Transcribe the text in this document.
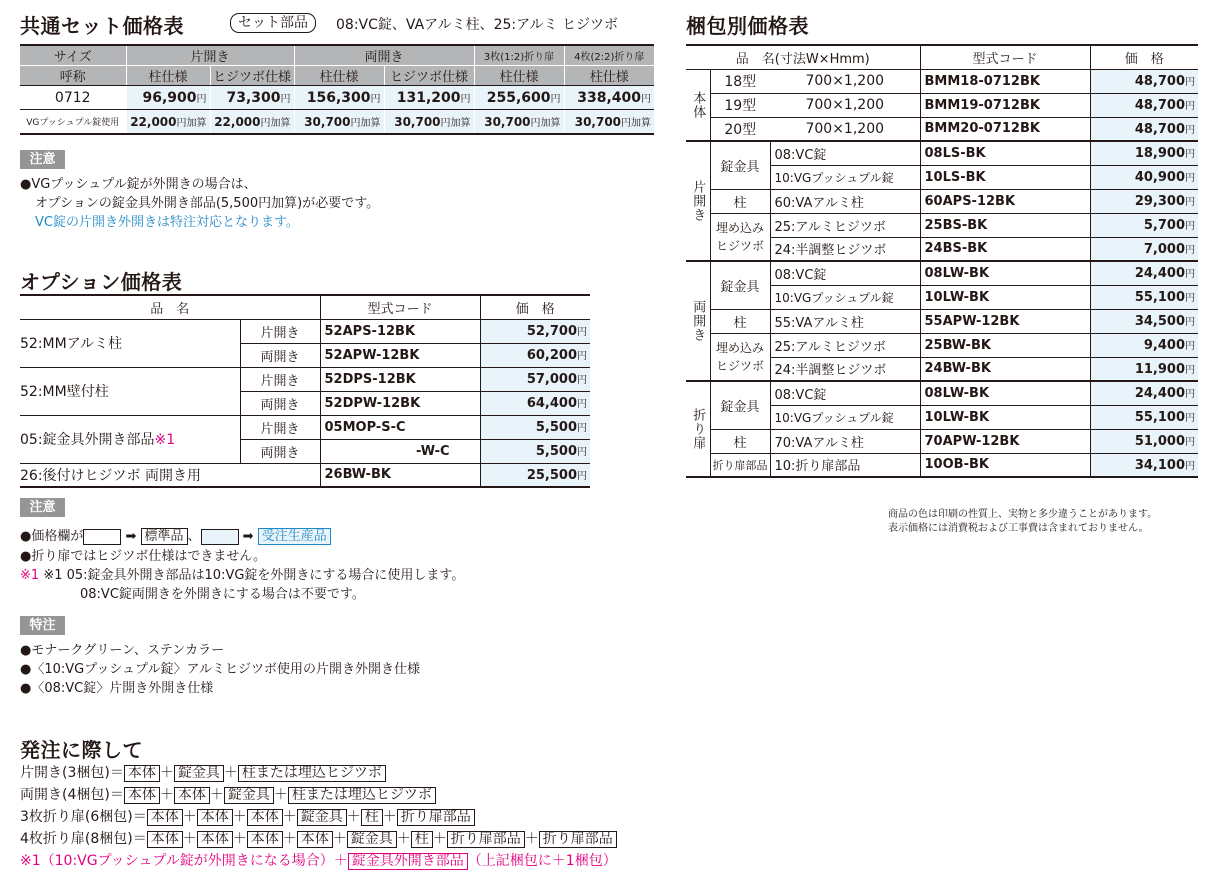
共通セット価格表	セット部品	08:VC錠、VAアルミ柱、25:アルミ ヒジツボ
サイズ	片開き		両開き		3枚(1:2)折り扉	4枚(2:2)折り扉
呼称	柱仕様	ヒジツボ仕様	柱仕様	ヒジツボ仕様	柱仕様	柱仕様
0712	96,900円	73,300円	156,300円	131,200円	255,600円	338,400円
VGプッシュプル錠使用	22,000円加算	22,000円加算	30,700円加算	30,700円加算	30,700円加算	30,700円加算
注意
●VGプッシュプル錠が外開きの場合は、
オプションの錠金具外開き部品(5,500円加算)が必要です。
VC錠の片開き外開きは特注対応となります。
オプション価格表
品　名		型式コード	価　格
52:MMアルミ柱	片開き	52APS-12BK	52,700円
	両開き	52APW-12BK	60,200円
52:MM壁付柱	片開き	52DPS-12BK	57,000円
	両開き	52DPW-12BK	64,400円
05:錠金具外開き部品※1	片開き	05MOP-S-C	5,500円
	両開き	-W-C	5,500円
26:後付けヒジツボ 両開き用		26BW-BK	25,500円
注意
●価格欄が	➡ 標準品 、	➡ 受注生産品
●折り扉ではヒジツボ仕様はできません。
※1 ※1 05:錠金具外開き部品は10:VG錠を外開きにする場合に使用します。
08:VC錠両開きを外開きにする場合は不要です。
特注
●モナークグリーン、ステンカラー
●〈10:VGプッシュプル錠〉アルミヒジツボ使用の片開き外開き仕様
●〈08:VC錠〉片開き外開き仕様
発注に際して
片開き(3梱包)＝ 本体 ＋ 錠金具 ＋ 柱または埋込ヒジツボ
両開き(4梱包)＝ 本体 ＋ 本体 ＋ 錠金具 ＋ 柱または埋込ヒジツボ
3枚折り扉(6梱包)＝ 本体 ＋ 本体 ＋ 本体 ＋ 錠金具 ＋ 柱 ＋ 折り扉部品
4枚折り扉(8梱包)＝ 本体 ＋ 本体 ＋ 本体 ＋ 本体 ＋ 錠金具 ＋ 柱 ＋ 折り扉部品 ＋ 折り扉部品
※1（10:VGプッシュプル錠が外開きになる場合）＋ 錠金具外開き部品 （上記梱包に＋1梱包）
梱包別価格表
品　名(寸法W×Hmm)			型式コード	価　格
本体	18型	700×1,200	BMM18-0712BK	48,700円
	19型	700×1,200	BMM19-0712BK	48,700円
	20型	700×1,200	BMM20-0712BK	48,700円
片開き	錠金具	08:VC錠	08LS-BK	18,900円
		10:VGプッシュプル錠	10LS-BK	40,900円
	柱	60:VAアルミ柱	60APS-12BK	29,300円

	埋め込み
ヒジツボ	25:アルミヒジツボ	25BS-BK	5,700円
		24:半調整ヒジツボ	24BS-BK	7,000円
両開き	錠金具	08:VC錠	08LW-BK	24,400円
		10:VGプッシュプル錠	10LW-BK	55,100円
	柱	55:VAアルミ柱	55APW-12BK	34,500円

	埋め込み
ヒジツボ	25:アルミヒジツボ	25BW-BK	9,400円
		24:半調整ヒジツボ	24BW-BK	11,900円
折り扉	錠金具	08:VC錠	08LW-BK	24,400円
		10:VGプッシュプル錠	10LW-BK	55,100円
	柱	70:VAアルミ柱	70APW-12BK	51,000円
	折り扉部品	10:折り扉部品	10OB-BK	34,100円
商品の色は印刷の性質上、実物と多少違うことがあります。
表示価格には消費税および工事費は含まれておりません。
